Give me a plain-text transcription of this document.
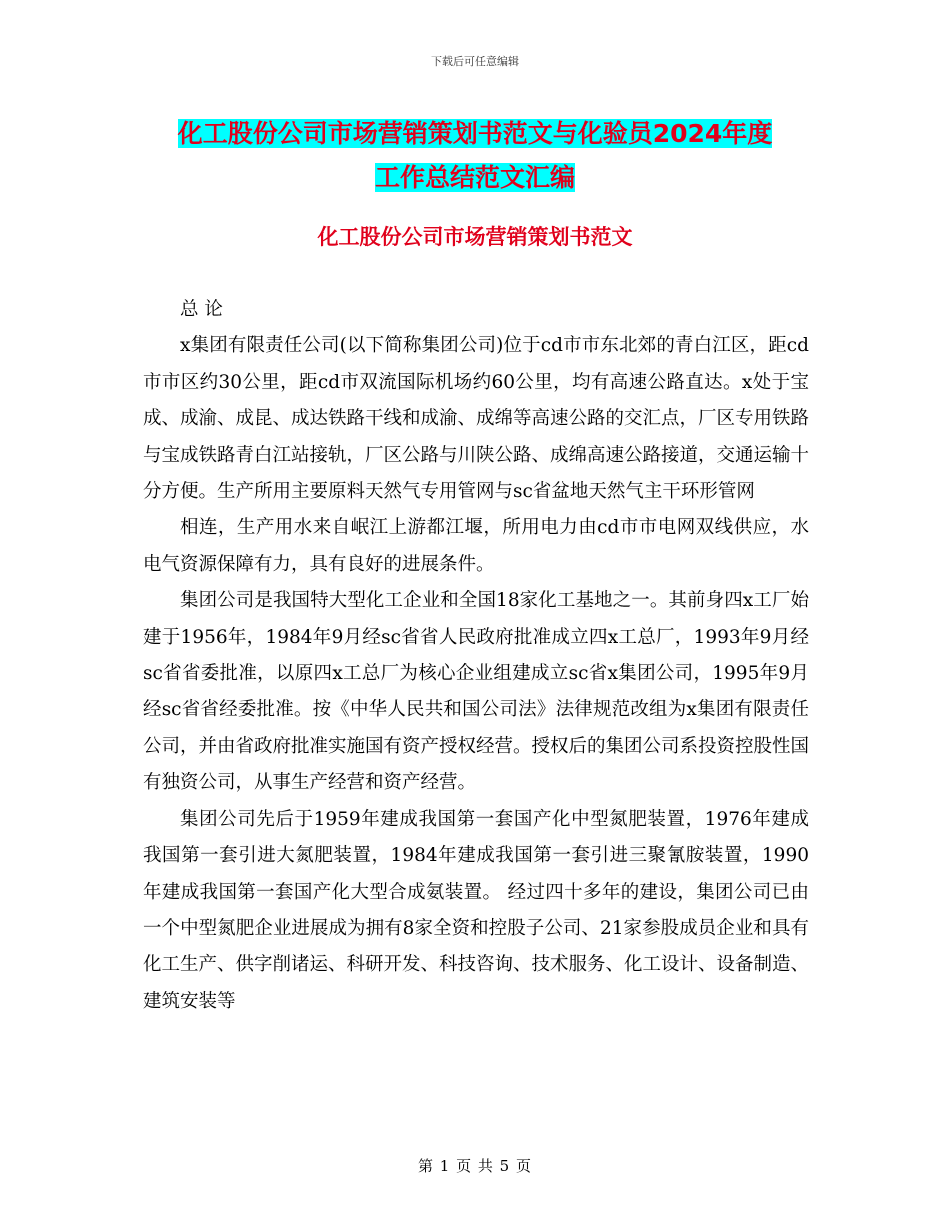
下载后可任意编辑
化工股份公司市场营销策划书范文与化验员2024年度
工作总结范文汇编
化工股份公司市场营销策划书范文

总 论

x集团有限责任公司(以下简称集团公司)位于cd市市东北郊的青白江区，距cd市市区约30公里，距cd市双流国际机场约60公里，均有高速公路直达。x处于宝成、成渝、成昆、成达铁路干线和成渝、成绵等高速公路的交汇点，厂区专用铁路与宝成铁路青白江站接轨，厂区公路与川陕公路、成绵高速公路接道，交通运输十分方便。生产所用主要原料天然气专用管网与sc省盆地天然气主干环形管网

相连，生产用水来自岷江上游都江堰，所用电力由cd市市电网双线供应，水电气资源保障有力，具有良好的进展条件。

集团公司是我国特大型化工企业和全国18家化工基地之一。其前身四x工厂始建于1956年，1984年9月经sc省省人民政府批准成立四x工总厂，1993年9月经sc省省委批准，以原四x工总厂为核心企业组建成立sc省x集团公司，1995年9月经sc省省经委批准。按《中华人民共和国公司法》法律规范改组为x集团有限责任公司，并由省政府批准实施国有资产授权经营。授权后的集团公司系投资控股性国有独资公司，从事生产经营和资产经营。

集团公司先后于1959年建成我国第一套国产化中型氮肥装置，1976年建成我国第一套引进大氮肥装置，1984年建成我国第一套引进三聚氰胺装置，1990年建成我国第一套国产化大型合成氨装置。 经过四十多年的建设，集团公司已由一个中型氮肥企业进展成为拥有8家全资和控股子公司、21家参股成员企业和具有化工生产、供字削诸运、科研开发、科技咨询、技术服务、化工设计、设备制造、建筑安装等

第 1 页 共 5 页
